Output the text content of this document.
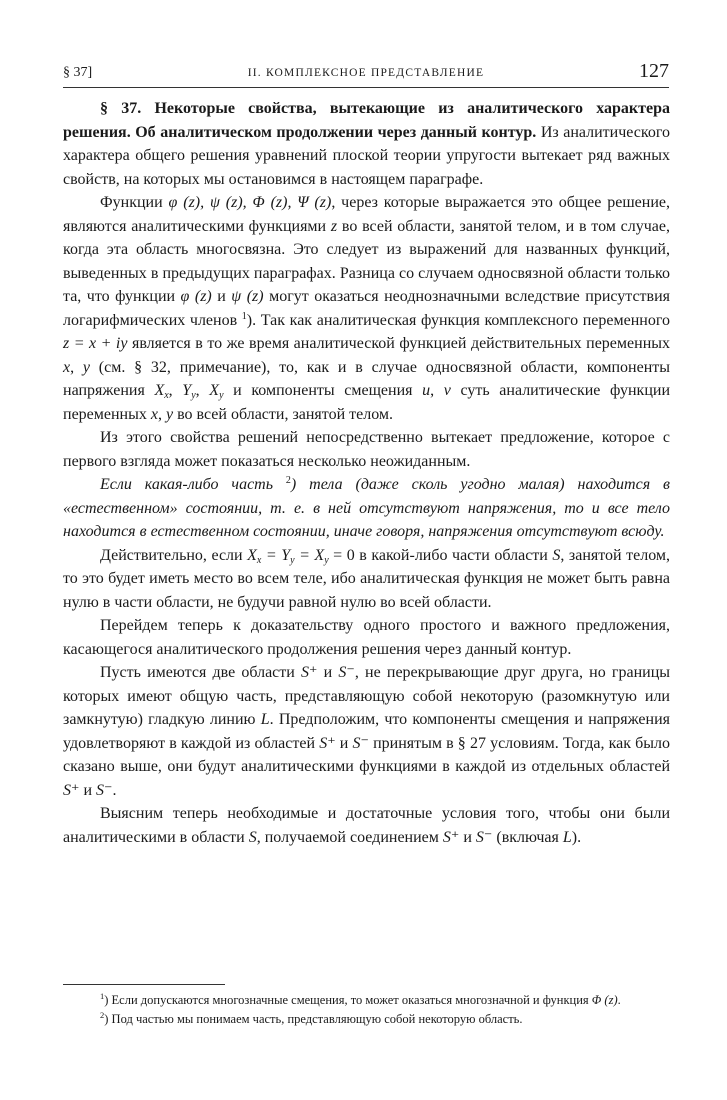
§ 37]	II. КОМПЛЕКСНОЕ ПРЕДСТАВЛЕНИЕ	127

§ 37. Некоторые свойства, вытекающие из аналитического характера решения. Об аналитическом продолжении через данный контур. Из аналитического характера общего решения уравнений плоской теории упругости вытекает ряд важных свойств, на которых мы остановимся в настоящем параграфе.

Функции φ (z), ψ (z), Φ (z), Ψ (z), через которые выражается это общее решение, являются аналитическими функциями z во всей области, занятой телом, и в том случае, когда эта область многосвязна. Это следует из выражений для названных функций, выведенных в предыдущих параграфах. Разница со случаем односвязной области только та, что функции φ (z) и ψ (z) могут оказаться неоднозначными вследствие присутствия логарифмических членов $^1$). Так как аналитическая функция комплексного переменного z = x + iy является в то же время аналитической функцией действительных переменных x, y (см. § 32, примечание), то, как и в случае односвязной области, компоненты напряжения $X_x$, $Y_y$, $X_y$ и компоненты смещения u, v суть аналитические функции переменных x, y во всей области, занятой телом.

Из этого свойства решений непосредственно вытекает предложение, которое с первого взгляда может показаться несколько неожиданным.

Если какая-либо часть $^2$) тела (даже сколь угодно малая) находится в «естественном» состоянии, т. е. в ней отсутствуют напряжения, то и все тело находится в естественном состоянии, иначе говоря, напряжения отсутствуют всюду.

Действительно, если $X_x = Y_y = X_y = 0$ в какой-либо части области S, занятой телом, то это будет иметь место во всем теле, ибо аналитическая функция не может быть равна нулю в части области, не будучи равной нулю во всей области.

Перейдем теперь к доказательству одного простого и важного предложения, касающегося аналитического продолжения решения через данный контур.

Пусть имеются две области S⁺ и S⁻, не перекрывающие друг друга, но границы которых имеют общую часть, представляющую собой некоторую (разомкнутую или замкнутую) гладкую линию L. Предположим, что компоненты смещения и напряжения удовлетворяют в каждой из областей S⁺ и S⁻ принятым в § 27 условиям. Тогда, как было сказано выше, они будут аналитическими функциями в каждой из отдельных областей S⁺ и S⁻.

Выясним теперь необходимые и достаточные условия того, чтобы они были аналитическими в области S, получаемой соединением S⁺ и S⁻ (включая L).

$^1$) Если допускаются многозначные смещения, то может оказаться многозначной и функция Φ (z).

$^2$) Под частью мы понимаем часть, представляющую собой некоторую область.
